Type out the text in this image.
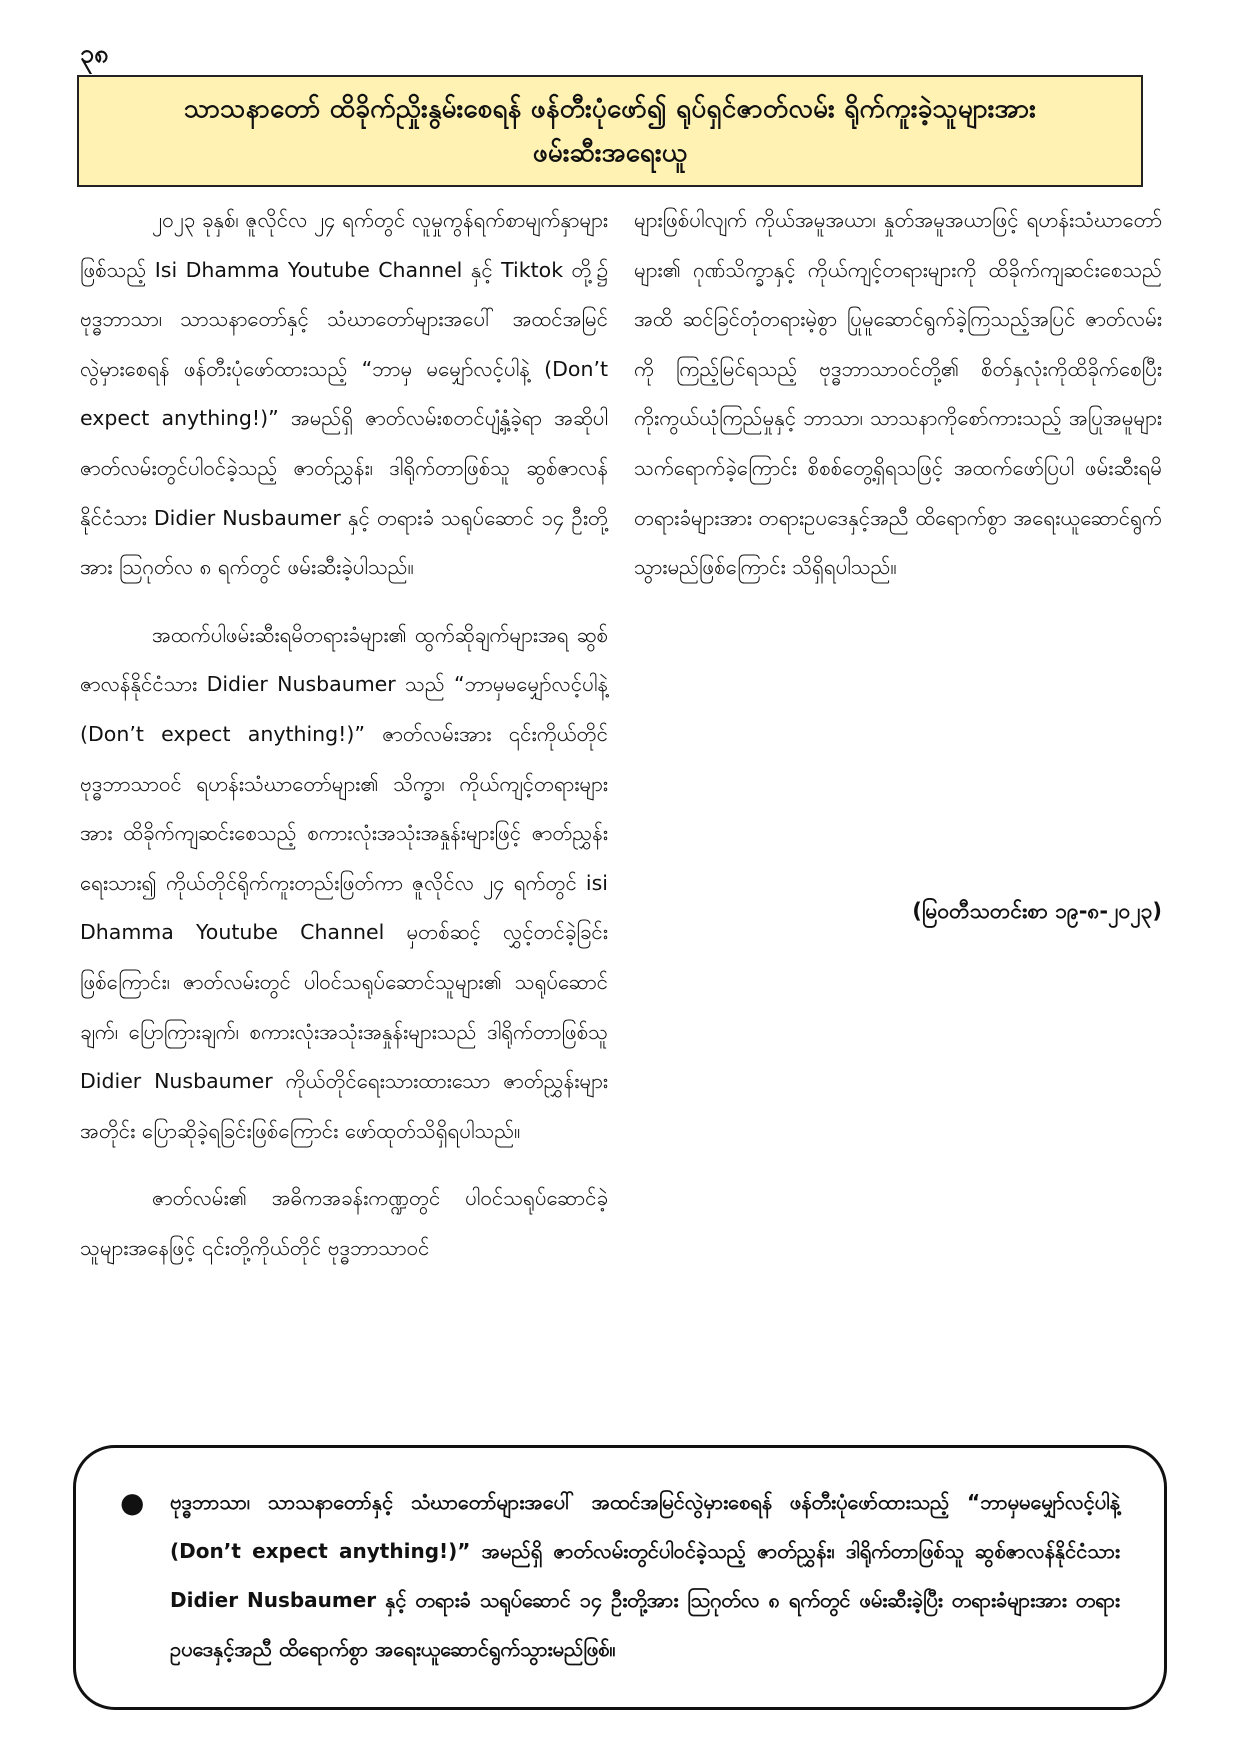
၃၈
သာသနာတော် ထိခိုက်ညှိုးနွမ်းစေရန် ဖန်တီးပုံဖော်၍ ရုပ်ရှင်ဇာတ်လမ်း ရိုက်ကူးခဲ့သူများအား
ဖမ်းဆီးအရေးယူ

၂၀၂၃ ခုနှစ်၊ ဇူလိုင်လ ၂၄ ရက်တွင် လူမှုကွန်ရက်စာမျက်နှာများဖြစ်သည့် Isi Dhamma Youtube Channel နှင့် Tiktok တို့၌ ဗုဒ္ဓဘာသာ၊ သာသနာတော်နှင့် သံဃာတော်များအပေါ် အထင်အမြင်လွဲမှားစေရန် ဖန်တီးပုံဖော်ထားသည့် “ဘာမှ မမျှော်လင့်ပါနဲ့ (Don’t expect anything!)” အမည်ရှိ ဇာတ်လမ်းစတင်ပျံ့နှံ့ခဲ့ရာ အဆိုပါဇာတ်လမ်းတွင်ပါဝင်ခဲ့သည့် ဇာတ်ညွှန်း၊ ဒါရိုက်တာဖြစ်သူ ဆွစ်ဇာလန်နိုင်ငံသား Didier Nusbaumer နှင့် တရားခံ သရုပ်ဆောင် ၁၄ ဦးတို့အား ဩဂုတ်လ ၈ ရက်တွင် ဖမ်းဆီးခဲ့ပါသည်။

အထက်ပါဖမ်းဆီးရမိတရားခံများ၏ ထွက်ဆိုချက်များအရ ဆွစ်ဇာလန်နိုင်ငံသား Didier Nusbaumer သည် “ဘာမှမမျှော်လင့်ပါနဲ့ (Don’t expect anything!)” ဇာတ်လမ်းအား ၎င်းကိုယ်တိုင် ဗုဒ္ဓဘာသာဝင် ရဟန်းသံဃာတော်များ၏ သိက္ခာ၊ ကိုယ်ကျင့်တရားများအား ထိခိုက်ကျဆင်းစေသည့် စကားလုံးအသုံးအနှုန်းများဖြင့် ဇာတ်ညွှန်းရေးသား၍ ကိုယ်တိုင်ရိုက်ကူးတည်းဖြတ်ကာ ဇူလိုင်လ ၂၄ ရက်တွင် isi Dhamma Youtube Channel မှတစ်ဆင့် လွှင့်တင်ခဲ့ခြင်းဖြစ်ကြောင်း၊ ဇာတ်လမ်းတွင် ပါဝင်သရုပ်ဆောင်သူများ၏ သရုပ်ဆောင်ချက်၊ ပြောကြားချက်၊ စကားလုံးအသုံးအနှုန်းများသည် ဒါရိုက်တာဖြစ်သူ Didier Nusbaumer ကိုယ်တိုင်ရေးသားထားသော ဇာတ်ညွှန်းများအတိုင်း ပြောဆိုခဲ့ရခြင်းဖြစ်ကြောင်း ဖော်ထုတ်သိရှိရပါသည်။

ဇာတ်လမ်း၏ အဓိကအခန်းကဏ္ဍတွင် ပါဝင်သရုပ်ဆောင်ခဲ့သူများအနေဖြင့် ၎င်းတို့ကိုယ်တိုင် ဗုဒ္ဓဘာသာဝင်

များဖြစ်ပါလျက် ကိုယ်အမူအယာ၊ နှုတ်အမူအယာဖြင့် ရဟန်းသံဃာတော်များ၏ ဂုဏ်သိက္ခာနှင့် ကိုယ်ကျင့်တရားများကို ထိခိုက်ကျဆင်းစေသည်အထိ ဆင်ခြင်တုံတရားမဲ့စွာ ပြုမူဆောင်ရွက်ခဲ့ကြသည့်အပြင် ဇာတ်လမ်းကို ကြည့်မြင်ရသည့် ဗုဒ္ဓဘာသာဝင်တို့၏ စိတ်နှလုံးကိုထိခိုက်စေပြီး ကိုးကွယ်ယုံကြည်မှုနှင့် ဘာသာ၊ သာသနာကိုစော်ကားသည့် အပြုအမူများ သက်ရောက်ခဲ့ကြောင်း စိစစ်တွေ့ရှိရသဖြင့် အထက်ဖော်ပြပါ ဖမ်းဆီးရမိတရားခံများအား တရားဥပဒေနှင့်အညီ ထိရောက်စွာ အရေးယူဆောင်ရွက်သွားမည်ဖြစ်ကြောင်း သိရှိရပါသည်။

(မြဝတီသတင်းစာ ၁၉-၈-၂၀၂၃)
●	ဗုဒ္ဓဘာသာ၊ သာသနာတော်နှင့် သံဃာတော်များအပေါ် အထင်အမြင်လွဲမှားစေရန် ဖန်တီးပုံဖော်ထားသည့် “ဘာမှမမျှော်လင့်ပါနဲ့ (Don’t expect anything!)” အမည်ရှိ ဇာတ်လမ်းတွင်ပါဝင်ခဲ့သည့် ဇာတ်ညွှန်း၊ ဒါရိုက်တာဖြစ်သူ ဆွစ်ဇာလန်နိုင်ငံသား Didier Nusbaumer နှင့် တရားခံ သရုပ်ဆောင် ၁၄ ဦးတို့အား ဩဂုတ်လ ၈ ရက်တွင် ဖမ်းဆီးခဲ့ပြီး တရားခံများအား တရားဥပဒေနှင့်အညီ ထိရောက်စွာ အရေးယူဆောင်ရွက်သွားမည်ဖြစ်။
